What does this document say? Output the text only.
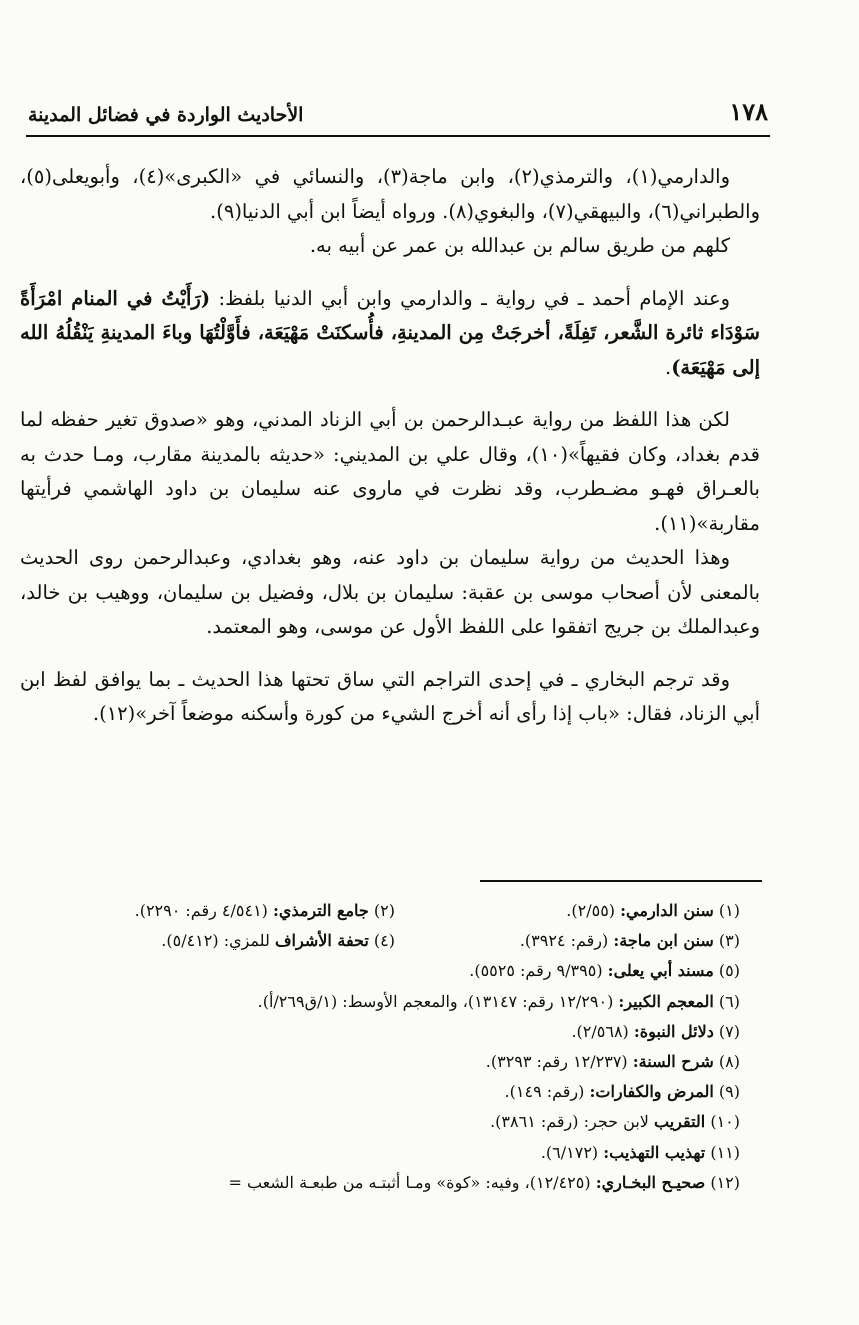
١٧٨
الأحاديث الواردة في فضائل المدينة

والدارمي(١)، والترمذي(٢)، وابن ماجة(٣)، والنسائي في «الكبرى»(٤)، وأبويعلى(٥)، والطبراني(٦)، والبيهقي(٧)، والبغوي(٨). ورواه أيضاً ابن أبي الدنيا(٩).

كلهم من طريق سالم بن عبدالله بن عمر عن أبيه به.

وعند الإمام أحمد ـ في رواية ـ والدارمي وابن أبي الدنيا بلفظ: (رَأَيْتُ في المنام امْرَأَةً سَوْدَاء ثائرة الشَّعر، تَفِلَةً، أخرجَتْ مِن المدينةِ، فأُسكنَتْ مَهْيَعَة، فأَوَّلْتُهَا وباءَ المدينةِ يَنْقُلُهُ الله إلى مَهْيَعَة).

لكن هذا اللفظ من رواية عبـدالرحمن بن أبي الزناد المدني، وهو «صدوق تغير حفظه لما قدم بغداد، وكان فقيهاً»(١٠)، وقال علي بن المديني: «حديثه بالمدينة مقارب، ومـا حدث به بالعـراق فهـو مضـطرب، وقد نظرت في ماروى عنه سليمان بن داود الهاشمي فرأيتها مقاربة»(١١).

وهذا الحديث من رواية سليمان بن داود عنه، وهو بغدادي، وعبدالرحمن روى الحديث بالمعنى لأن أصحاب موسى بن عقبة: سليمان بن بلال، وفضيل بن سليمان، ووهيب بن خالد، وعبدالملك بن جريج اتفقوا على اللفظ الأول عن موسى، وهو المعتمد.

وقد ترجم البخاري ـ في إحدى التراجم التي ساق تحتها هذا الحديث ـ بما يوافق لفظ ابن أبي الزناد، فقال: «باب إذا رأى أنه أخرج الشيء من كورة وأسكنه موضعاً آخر»(١٢).

(١) سنن الدارمي: (٢/٥٥).
(٢) جامع الترمذي: (٤/٥٤١ رقم: ٢٢٩٠).
(٣) سنن ابن ماجة: (رقم: ٣٩٢٤).
(٤) تحفة الأشراف للمزي: (٥/٤١٢).
(٥) مسند أبي يعلى: (٩/٣٩٥ رقم: ٥٥٢٥).
(٦) المعجم الكبير: (١٢/٢٩٠ رقم: ١٣١٤٧)، والمعجم الأوسط: (١/ق٢٦٩/أ).
(٧) دلائل النبوة: (٢/٥٦٨).
(٨) شرح السنة: (١٢/٢٣٧ رقم: ٣٢٩٣).
(٩) المرض والكفارات: (رقم: ١٤٩).
(١٠) التقريب لابن حجر: (رقم: ٣٨٦١).
(١١) تهذيب التهذيب: (٦/١٧٢).
(١٢) صحيـح البخـاري: (١٢/٤٢٥)، وفيه: «كوة» ومـا أثبتـه من طبعـة الشعب =
